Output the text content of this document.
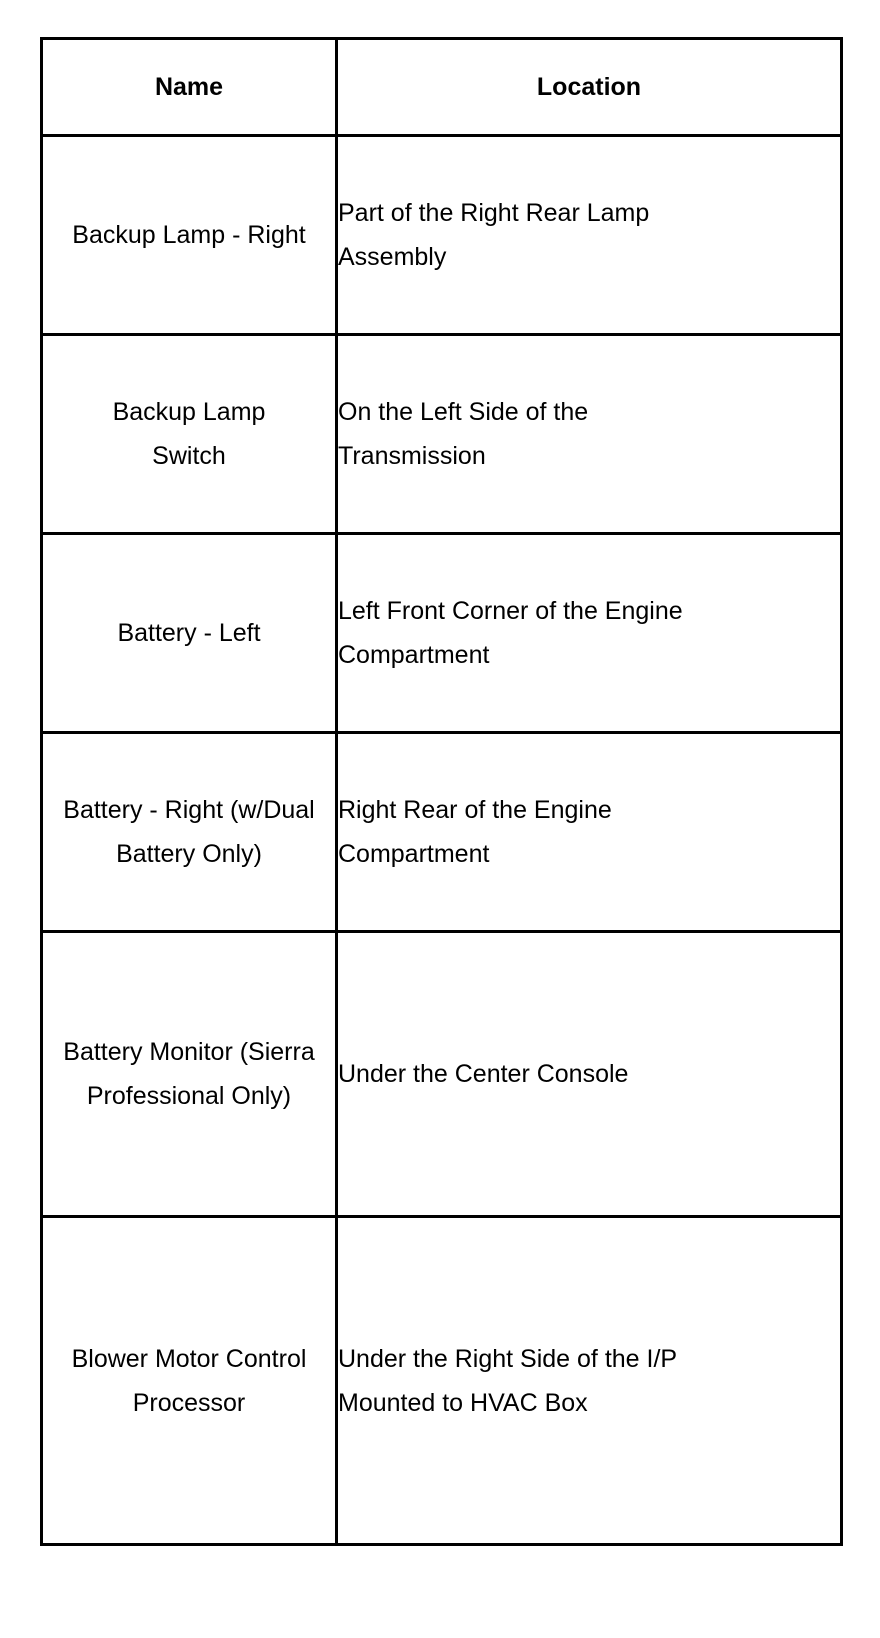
Name	Location

Backup Lamp - Right	Part of the Right Rear Lamp Assembly

Backup Lamp Switch	On the Left Side of the Transmission

Battery - Left	Left Front Corner of the Engine Compartment

Battery - Right (w/Dual Battery Only)	Right Rear of the Engine Compartment

Battery Monitor (Sierra Professional Only)	Under the Center Console

Blower Motor Control Processor	Under the Right Side of the I/P Mounted to HVAC Box
